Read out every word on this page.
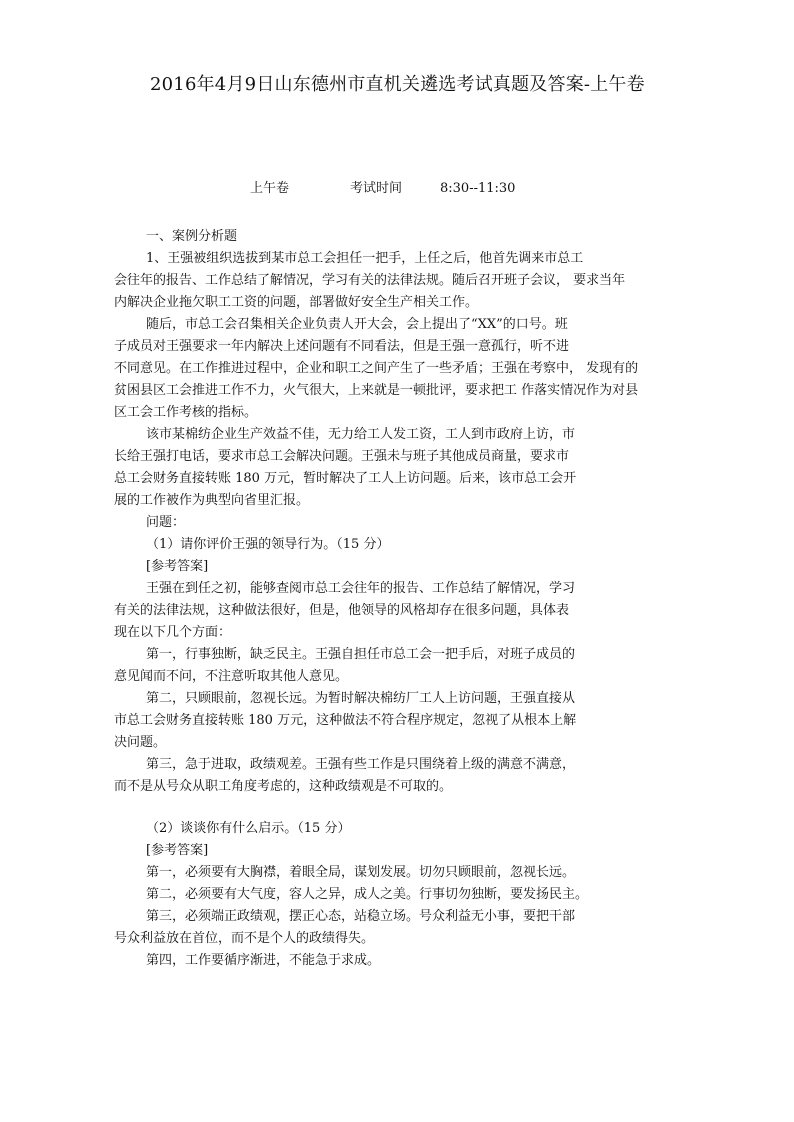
2016年4月9日山东德州市直机关遴选考试真题及答案-上午卷
上午卷	考试时间	8:30--11:30
一、案例分析题
1、王强被组织选拔到某市总工会担任一把手，上任之后，他首先调来市总工
会往年的报告、工作总结了解情况，学习有关的法律法规。随后召开班子会议， 要求当年
内解决企业拖欠职工工资的问题，部署做好安全生产相关工作。
随后，市总工会召集相关企业负责人开大会，会上提出了“XX”的口号。班
子成员对王强要求一年内解决上述问题有不同看法，但是王强一意孤行，听不进
不同意见。在工作推进过程中，企业和职工之间产生了一些矛盾；王强在考察中， 发现有的
贫困县区工会推进工作不力，火气很大，上来就是一顿批评，要求把工 作落实情况作为对县
区工会工作考核的指标。
该市某棉纺企业生产效益不佳，无力给工人发工资，工人到市政府上访，市
长给王强打电话，要求市总工会解决问题。王强未与班子其他成员商量，要求市
总工会财务直接转账 180 万元，暂时解决了工人上访问题。后来，该市总工会开
展的工作被作为典型向省里汇报。
问题：
（1）请你评价王强的领导行为。（15 分）
[参考答案]
王强在到任之初，能够查阅市总工会往年的报告、工作总结了解情况，学习
有关的法律法规，这种做法很好，但是，他领导的风格却存在很多问题，具体表
现在以下几个方面：
第一，行事独断，缺乏民主。王强自担任市总工会一把手后，对班子成员的
意见闻而不问，不注意听取其他人意见。
第二，只顾眼前，忽视长远。为暂时解决棉纺厂工人上访问题，王强直接从
市总工会财务直接转账 180 万元，这种做法不符合程序规定，忽视了从根本上解
决问题。
第三，急于进取，政绩观差。王强有些工作是只围绕着上级的满意不满意，
而不是从号众从职工角度考虑的，这种政绩观是不可取的。
（2）谈谈你有什么启示。（15 分）
[参考答案]
第一，必须要有大胸襟，着眼全局，谋划发展。切勿只顾眼前，忽视长远。
第二，必须要有大气度，容人之异，成人之美。行事切勿独断，要发扬民主。
第三，必须端正政绩观，摆正心态，站稳立场。号众利益无小事，要把干部
号众利益放在首位，而不是个人的政绩得失。
第四，工作要循序渐进，不能急于求成。
